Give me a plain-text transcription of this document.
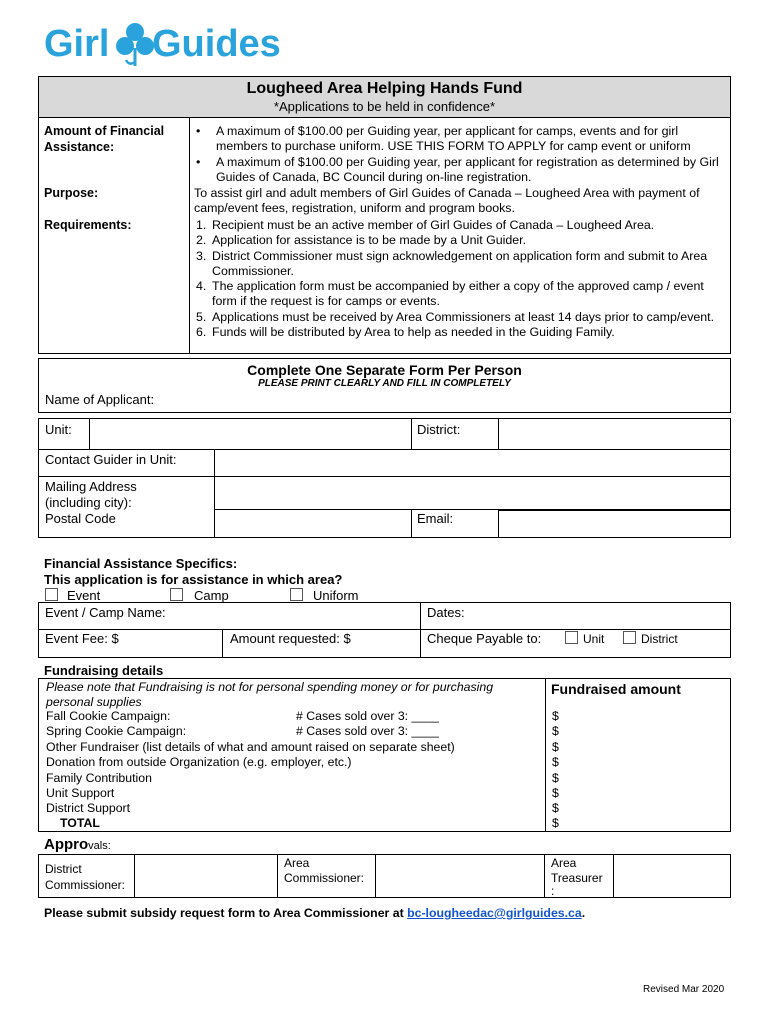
Girl Guides
Lougheed Area Helping Hands Fund
*Applications to be held in confidence*
Amount of Financial Assistance:
• A maximum of $100.00 per Guiding year, per applicant for camps, events and for girl members to purchase uniform. USE THIS FORM TO APPLY for camp event or uniform
• A maximum of $100.00 per Guiding year, per applicant for registration as determined by Girl Guides of Canada, BC Council during on-line registration.
Purpose:	To assist girl and adult members of Girl Guides of Canada – Lougheed Area with payment of camp/event fees, registration, uniform and program books.
Requirements:	Recipient must be an active member of Girl Guides of Canada – Lougheed Area.
Application for assistance is to be made by a Unit Guider.
District Commissioner must sign acknowledgement on application form and submit to Area Commissioner.
The application form must be accompanied by either a copy of the approved camp / event form if the request is for camps or events.
Applications must be received by Area Commissioners at least 14 days prior to camp/event.
Funds will be distributed by Area to help as needed in the Guiding Family.
Complete One Separate Form Per Person
PLEASE PRINT CLEARLY AND FILL IN COMPLETELY
Name of Applicant:
Unit:	District:
Contact Guider in Unit:
Mailing Address
(including city):
Postal Code	Email:
Financial Assistance Specifics:
This application is for assistance in which area?
Event	Camp	Uniform
Event / Camp Name:	Dates:
Event Fee: $	Amount requested: $	Cheque Payable to:	Unit	District
Fundraising details
Please note that Fundraising is not for personal spending money or for purchasing personal supplies
Fundraised amount
Fall Cookie Campaign:	# Cases sold over 3: ____	$
Spring Cookie Campaign:	# Cases sold over 3: ____	$
Other Fundraiser (list details of what and amount raised on separate sheet)	$
Donation from outside Organization (e.g. employer, etc.)	$
Family Contribution	$
Unit Support	$
District Support	$
TOTAL	$
Approvals:
District
Commissioner:
Area
Commissioner:
Area
Treasurer
:
Please submit subsidy request form to Area Commissioner at bc-lougheedac@girlguides.ca.
Revised Mar 2020
